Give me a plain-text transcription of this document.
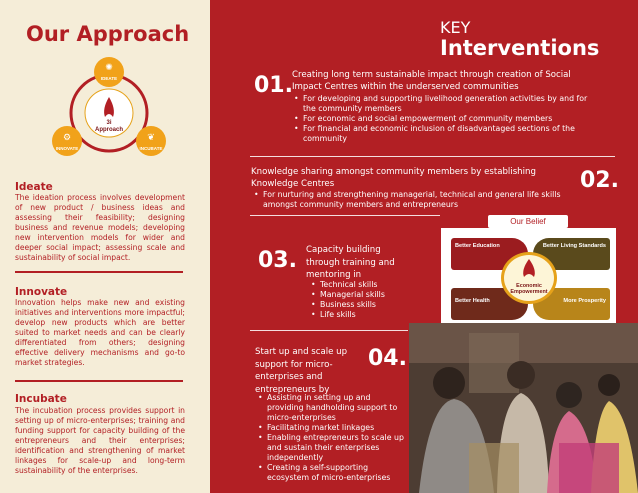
Our Approach
3i
Approach
✺
IDEATE
⚙
INNOVATE
❦
INCUBATE
Ideate
The ideation process involves development of new product / business ideas and assessing their feasibility; designing business and revenue models; developing new intervention models for wider and deeper social impact; assessing scale and sustainability of social impact.
Innovate
Innovation helps make new and existing initiatives and interventions more impactful; develop new products which are better suited to market needs and can be clearly differentiated from others; designing effective delivery mechanisms and go-to market strategies.
Incubate
The incubation process provides support in setting up of micro-enterprises; training and funding support for capacity building of the entrepreneurs and their enterprises; identification and strengthening of market linkages for scale-up and long-term sustainability of the enterprises.
KEY
Interventions
01. Creating long term sustainable impact through creation of Social Impact Centres within the underserved communities
• For developing and supporting livelihood generation activities by and for the community members
• For economic and social empowerment of community members
• For financial and economic inclusion of disadvantaged sections of the community
Knowledge sharing amongst community members by establishing Knowledge Centres
• For nurturing and strengthening managerial, technical and general life skills amongst community members and entrepreneurs
02.
03. Capacity building through training and mentoring in
• Technical skills
• Managerial skills
• Business skills
• Life skills
Start up and scale up support for micro-enterprises and entrepreneurs by
04.
• Assisting in setting up and providing handholding support to micro-enterprises
• Facilitating market linkages
• Enabling entrepreneurs to scale up and sustain their enterprises independently
• Creating a self-supporting ecosystem of micro-enterprises
Our Belief
Better Education	Better Living Standards
Better Health	More Prosperity
Economic Empowerment
